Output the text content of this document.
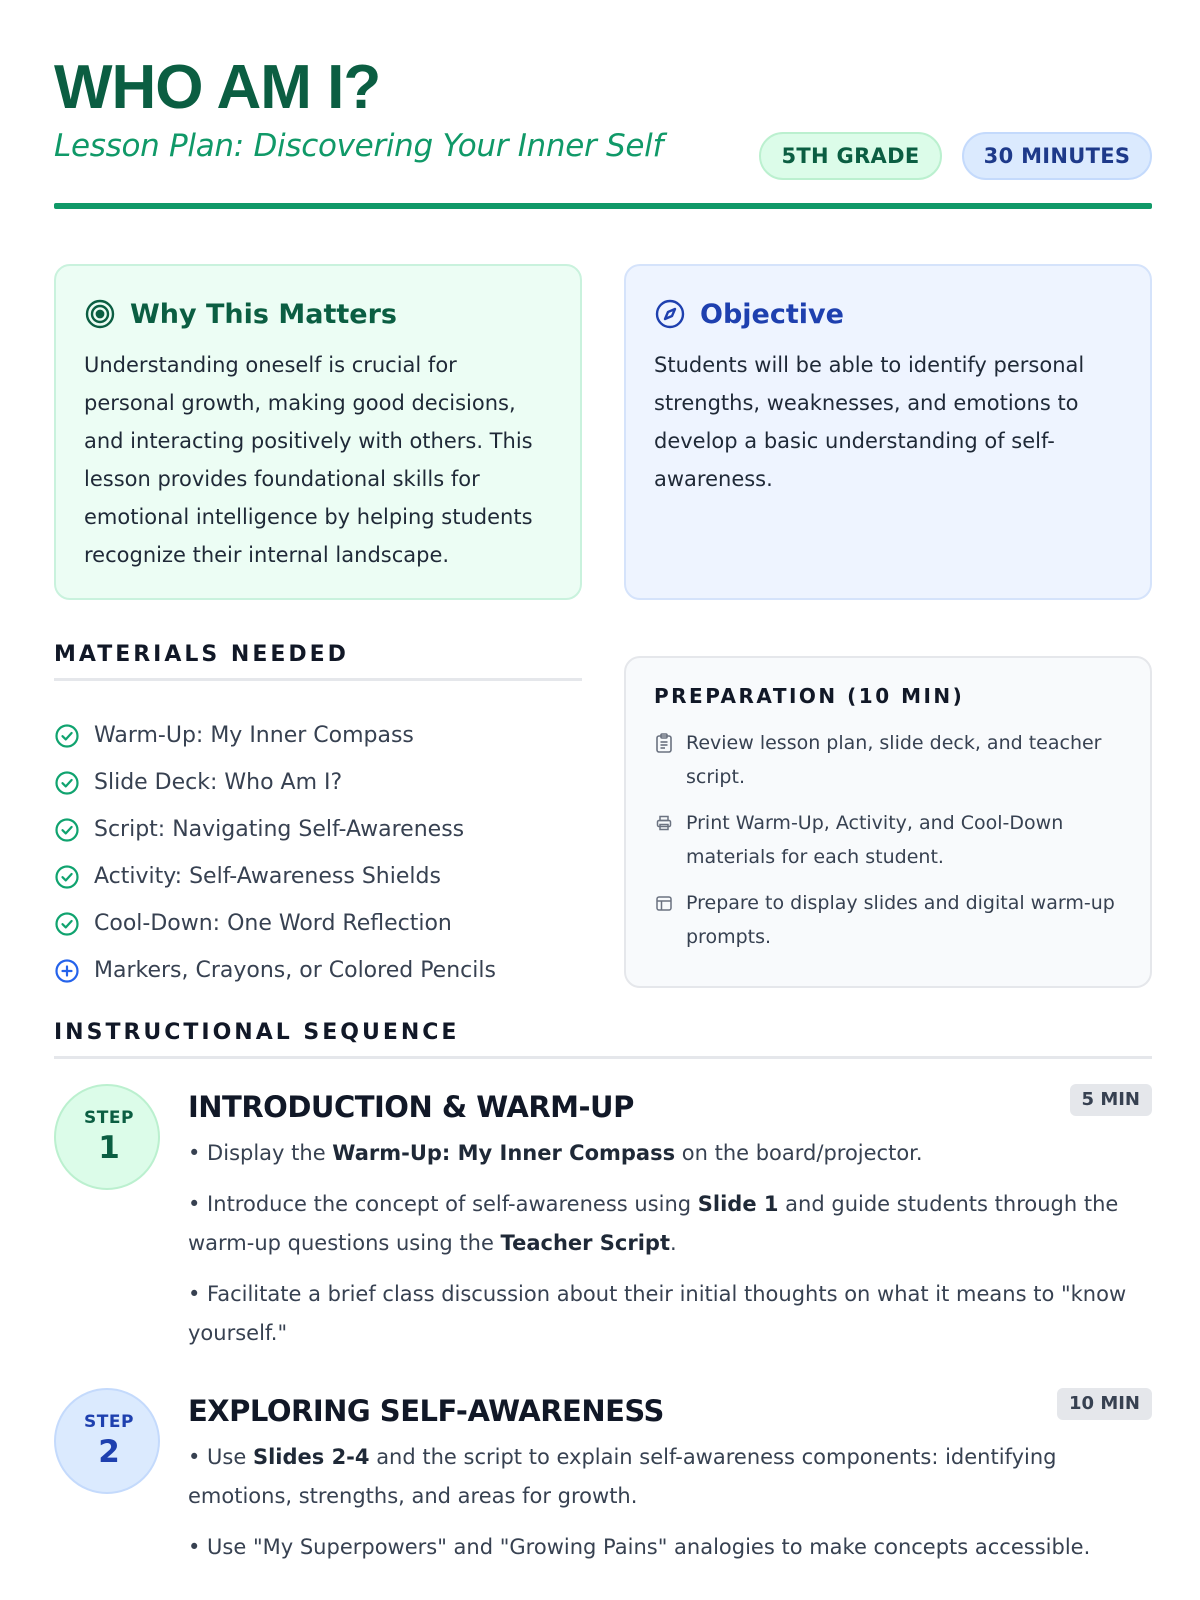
WHO AM I?
Lesson Plan: Discovering Your Inner Self	5TH GRADE	30 MINUTES
Why This Matters

Understanding oneself is crucial for personal growth, making good decisions, and interacting positively with others. This lesson provides foundational skills for emotional intelligence by helping students recognize their internal landscape.

Objective

Students will be able to identify personal strengths, weaknesses, and emotions to develop a basic understanding of self-awareness.

MATERIALS NEEDED
Warm-Up: My Inner Compass
Slide Deck: Who Am I?
Script: Navigating Self-Awareness
Activity: Self-Awareness Shields
Cool-Down: One Word Reflection
Markers, Crayons, or Colored Pencils
PREPARATION (10 MIN)
Review lesson plan, slide deck, and teacher script.
Print Warm-Up, Activity, and Cool-Down materials for each student.
Prepare to display slides and digital warm-up prompts.
INSTRUCTIONAL SEQUENCE
STEP
1
INTRODUCTION & WARM-UP	5 MIN
• Display the Warm-Up: My Inner Compass on the board/projector.
• Introduce the concept of self-awareness using Slide 1 and guide students through the warm-up questions using the Teacher Script.
• Facilitate a brief class discussion about their initial thoughts on what it means to "know yourself."
STEP
2
EXPLORING SELF-AWARENESS	10 MIN
• Use Slides 2-4 and the script to explain self-awareness components: identifying emotions, strengths, and areas for growth.
• Use "My Superpowers" and "Growing Pains" analogies to make concepts accessible.
